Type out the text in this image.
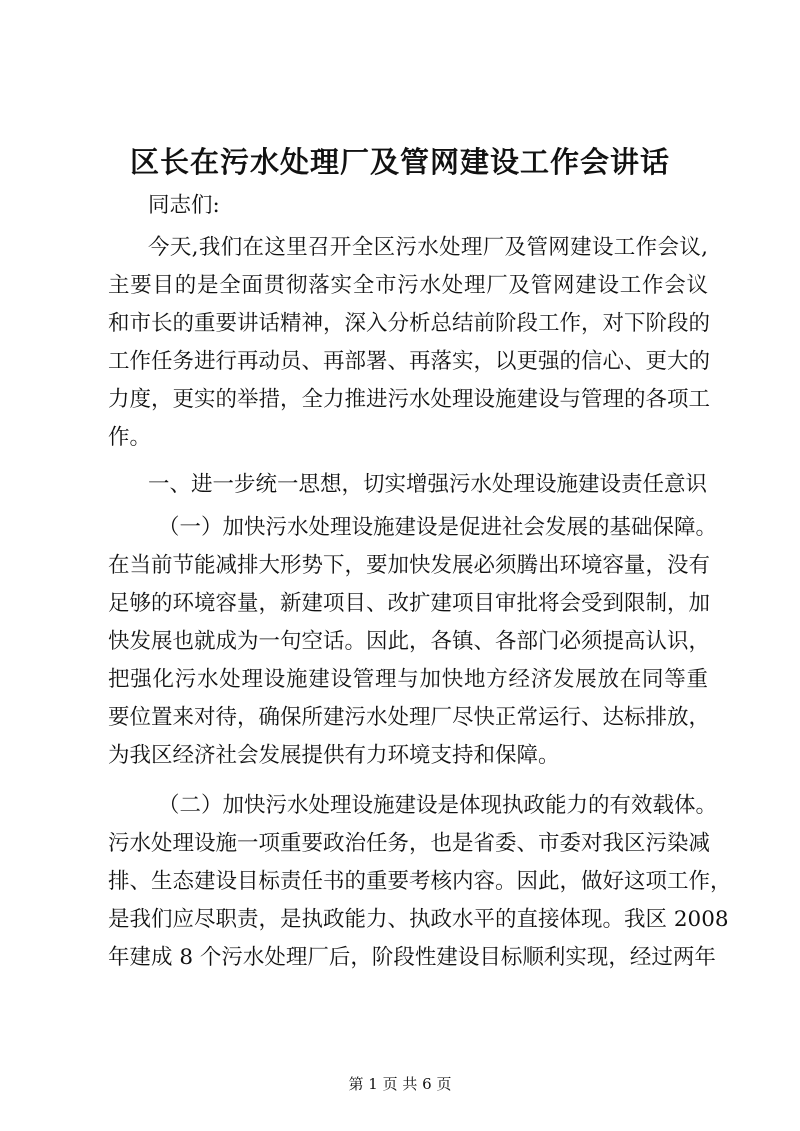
区长在污水处理厂及管网建设工作会讲话

同志们:

今天,我们在这里召开全区污水处理厂及管网建设工作会议,

主要目的是全面贯彻落实全市污水处理厂及管网建设工作会议

和市长的重要讲话精神，深入分析总结前阶段工作，对下阶段的

工作任务进行再动员、再部署、再落实，以更强的信心、更大的

力度，更实的举措，全力推进污水处理设施建设与管理的各项工

作。

一、进一步统一思想，切实增强污水处理设施建设责任意识

（一）加快污水处理设施建设是促进社会发展的基础保障。

在当前节能减排大形势下，要加快发展必须腾出环境容量，没有

足够的环境容量，新建项目、改扩建项目审批将会受到限制，加

快发展也就成为一句空话。因此，各镇、各部门必须提高认识，

把强化污水处理设施建设管理与加快地方经济发展放在同等重

要位置来对待，确保所建污水处理厂尽快正常运行、达标排放，

为我区经济社会发展提供有力环境支持和保障。

（二）加快污水处理设施建设是体现执政能力的有效载体。

污水处理设施一项重要政治任务，也是省委、市委对我区污染减

排、生态建设目标责任书的重要考核内容。因此，做好这项工作，

是我们应尽职责，是执政能力、执政水平的直接体现。我区 2008

年建成 8 个污水处理厂后，阶段性建设目标顺利实现，经过两年

第 1 页 共 6 页
